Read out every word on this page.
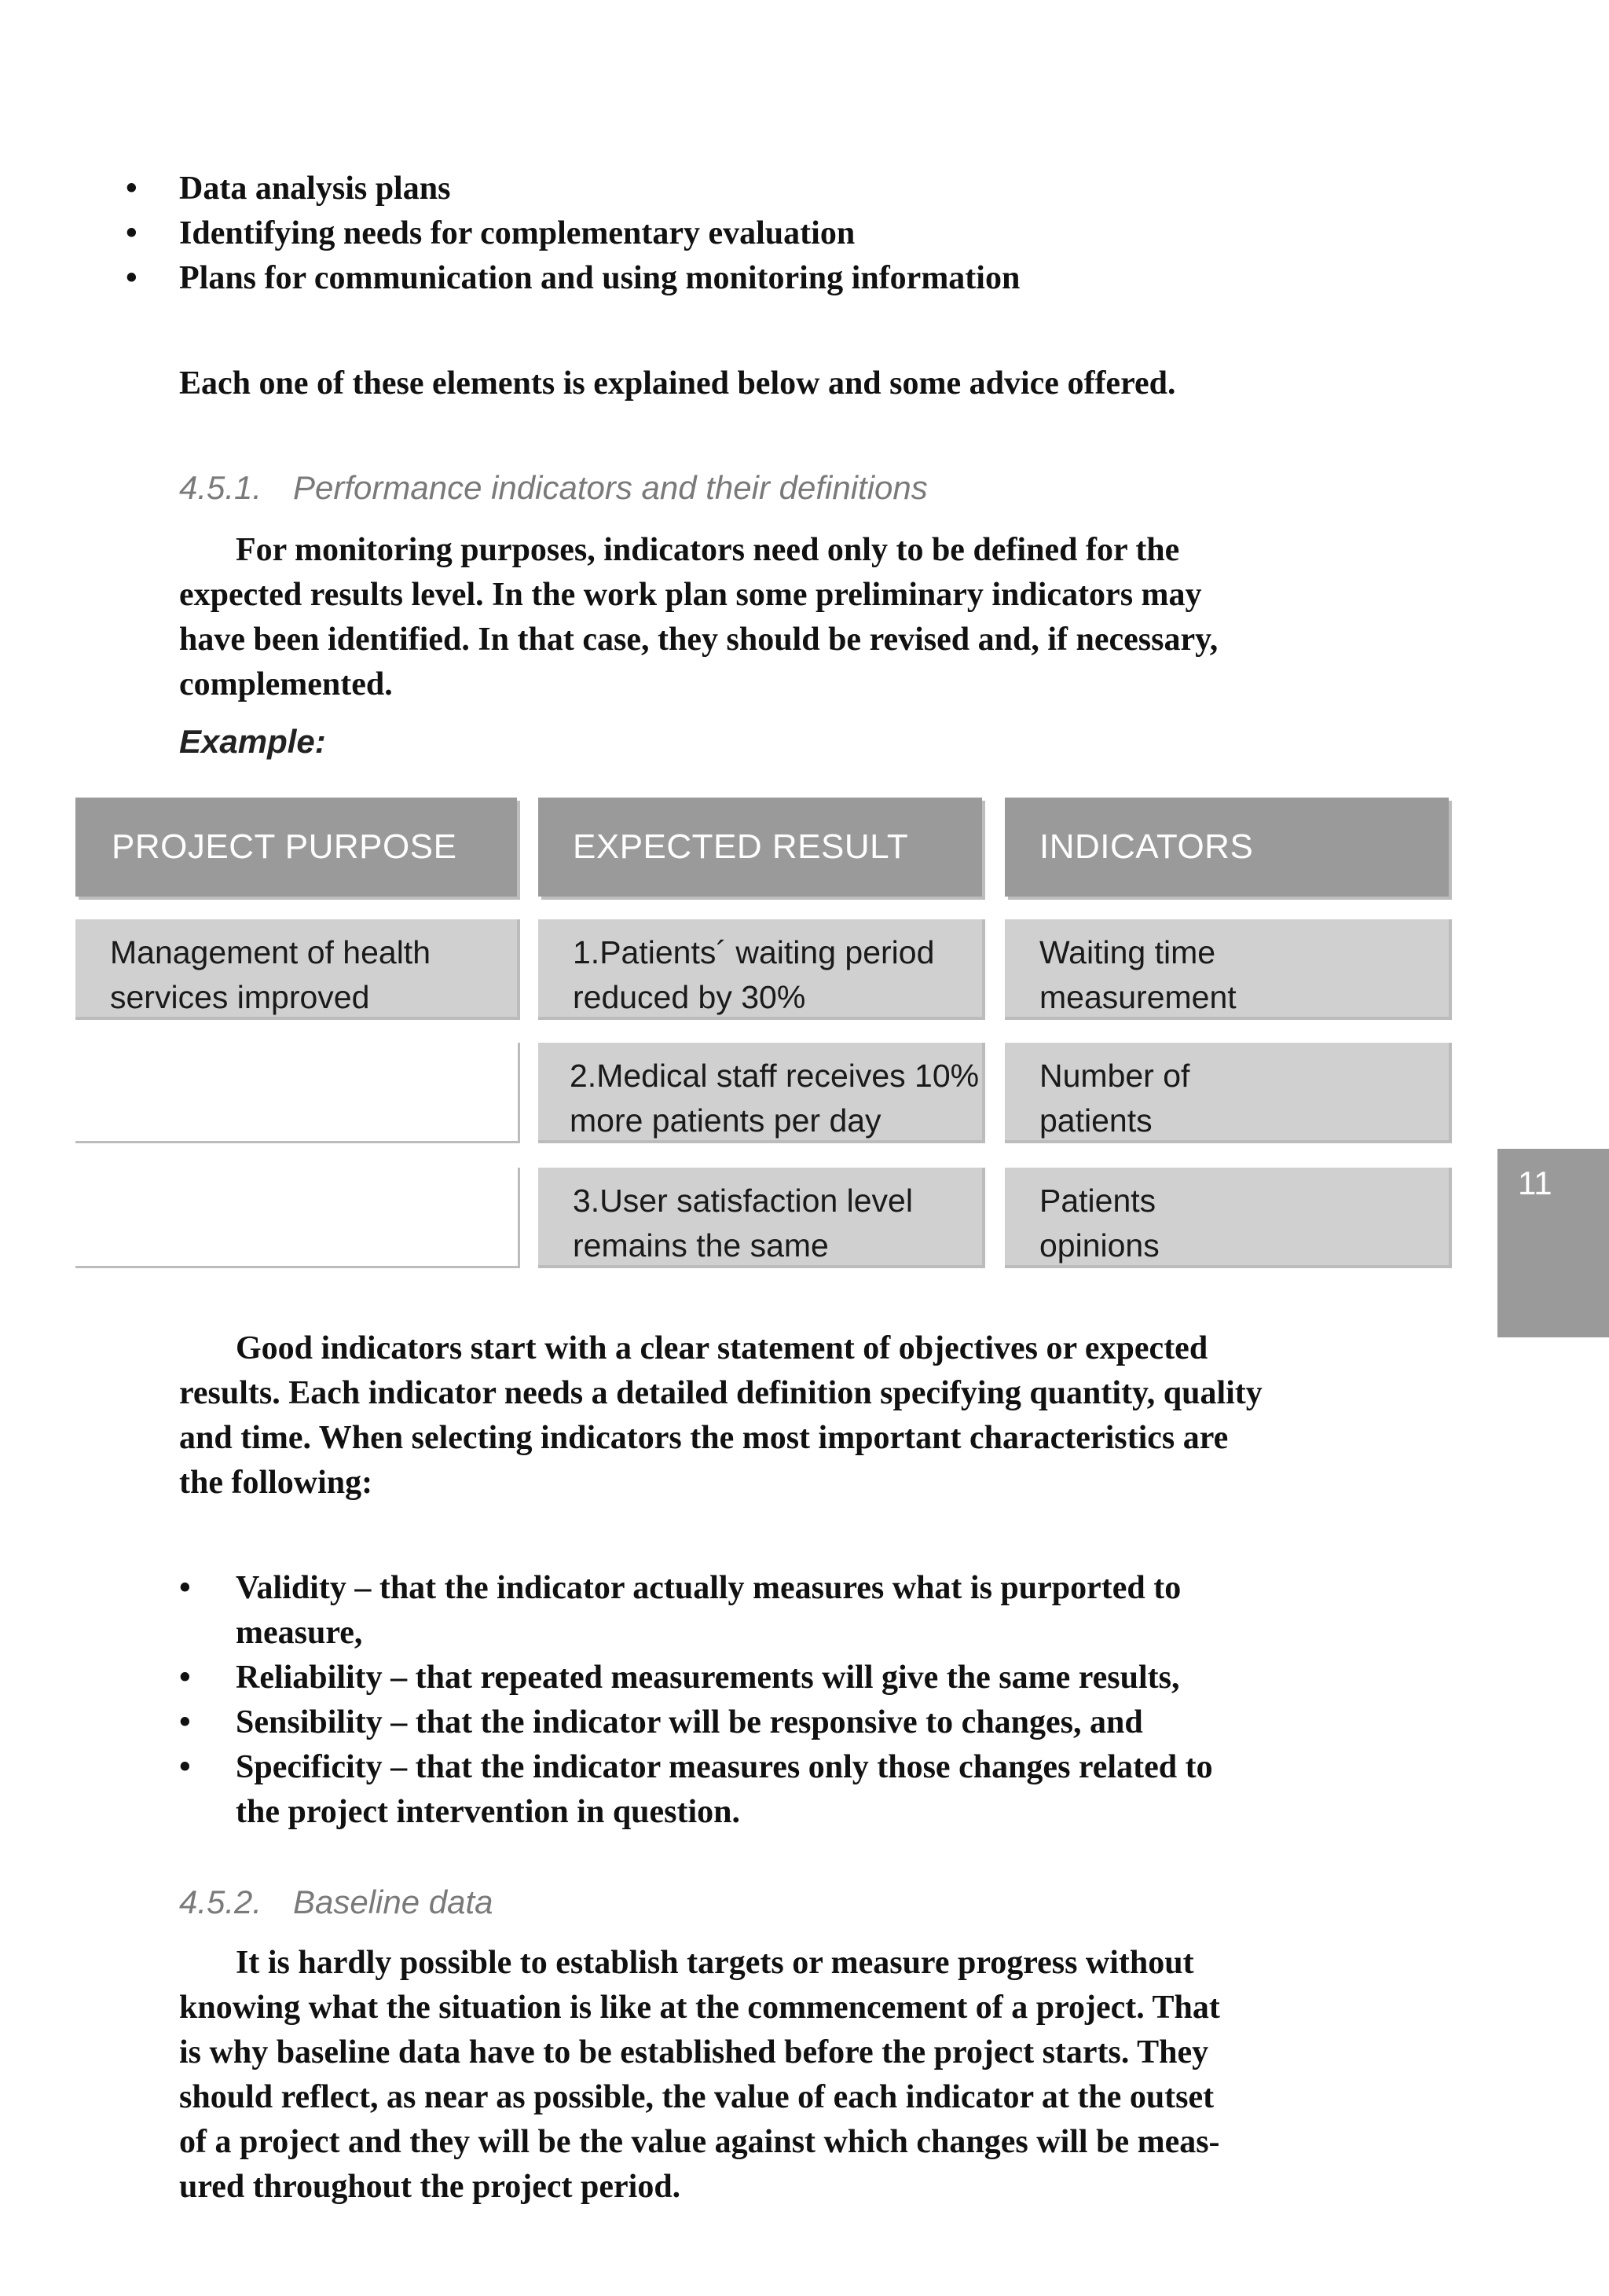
• Data analysis plans
• Identifying needs for complementary evaluation
• Plans for communication and using monitoring information

Each one of these elements is explained below and some advice offered.

4.5.1. Performance indicators and their definitions
For monitoring purposes, indicators need only to be defined for the
expected results level. In the work plan some preliminary indicators may
have been identified. In that case, they should be revised and, if necessary,
complemented.
Example:
PROJECT PURPOSE	EXPECTED RESULT	INDICATORS
Management of health
services improved
1.Patients´ waiting period
reduced by 30%
Waiting time
measurement
2.Medical staff receives 10%
more patients per day
Number of
patients
3.User satisfaction level
remains the same
Patients
opinions
11
Good indicators start with a clear statement of objectives or expected
results. Each indicator needs a detailed definition specifying quantity, quality
and time. When selecting indicators the most important characteristics are
the following:
• Validity – that the indicator actually measures what is purported to
measure,
• Reliability – that repeated measurements will give the same results,
• Sensibility – that the indicator will be responsive to changes, and
• Specificity – that the indicator measures only those changes related to
the project intervention in question.
4.5.2. Baseline data
It is hardly possible to establish targets or measure progress without
knowing what the situation is like at the commencement of a project. That
is why baseline data have to be established before the project starts. They
should reflect, as near as possible, the value of each indicator at the outset
of a project and they will be the value against which changes will be meas-
ured throughout the project period.
